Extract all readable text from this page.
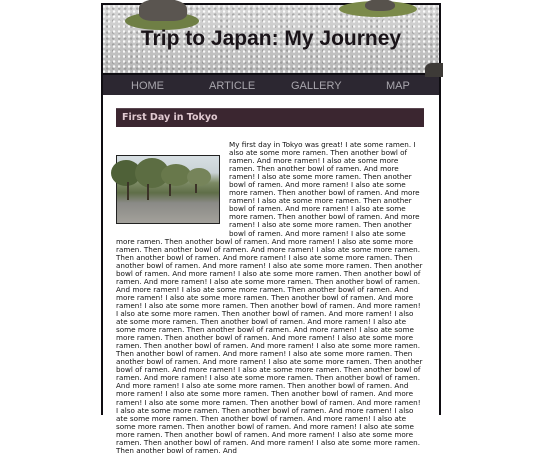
Trip to Japan: My Journey
HOME	ARTICLE	GALLERY	MAP
First Day in Tokyo
My first day in Tokyo was great! I ate some ramen. I also ate some more ramen. Then another bowl of ramen. And more ramen! I also ate some more ramen. Then another bowl of ramen. And more ramen! I also ate some more ramen. Then another bowl of ramen. And more ramen! I also ate some more ramen. Then another bowl of ramen. And more ramen! I also ate some more ramen. Then another bowl of ramen. And more ramen! I also ate some more ramen. Then another bowl of ramen. And more ramen! I also ate some more ramen. Then another bowl of ramen. And more ramen! I also ate some more ramen. Then another bowl of ramen. And more ramen! I also ate some more ramen. Then another bowl of ramen. And more ramen! I also ate some more ramen. Then another bowl of ramen. And more ramen! I also ate some more ramen. Then another bowl of ramen. And more ramen! I also ate some more ramen. Then another bowl of ramen. And more ramen! I also ate some more ramen. Then another bowl of ramen. And more ramen! I also ate some more ramen. Then another bowl of ramen. And more ramen! I also ate some more ramen. Then another bowl of ramen. And more ramen! I also ate some more ramen. Then another bowl of ramen. And more ramen! I also ate some more ramen. Then another bowl of ramen. And more ramen! I also ate some more ramen. Then another bowl of ramen. And more ramen! I also ate some more ramen. Then another bowl of ramen. And more ramen! I also ate some more ramen. Then another bowl of ramen. And more ramen! I also ate some more ramen. Then another bowl of ramen. And more ramen! I also ate some more ramen. Then another bowl of ramen. And more ramen! I also ate some more ramen. Then another bowl of ramen. And more ramen! I also ate some more ramen. Then another bowl of ramen. And more ramen! I also ate some more ramen. Then another bowl of ramen. And more ramen! I also ate some more ramen. Then another bowl of ramen. And more ramen! I also ate some more ramen. Then another bowl of ramen. And more ramen! I also ate some more ramen. Then another bowl of ramen. And more ramen! I also ate some more ramen. Then another bowl of ramen. And more ramen! I also ate some more ramen. Then another bowl of ramen. And more ramen! I also ate some more ramen. Then another bowl of ramen. And more ramen! I also ate some more ramen. Then another bowl of ramen. And more ramen! I also ate some more ramen. Then another bowl of ramen. And more ramen! I also ate some more ramen. Then another bowl of ramen. And more ramen! I also ate some more ramen. Then another bowl of ramen. And more ramen! I also ate some more ramen. Then another bowl of ramen. And
